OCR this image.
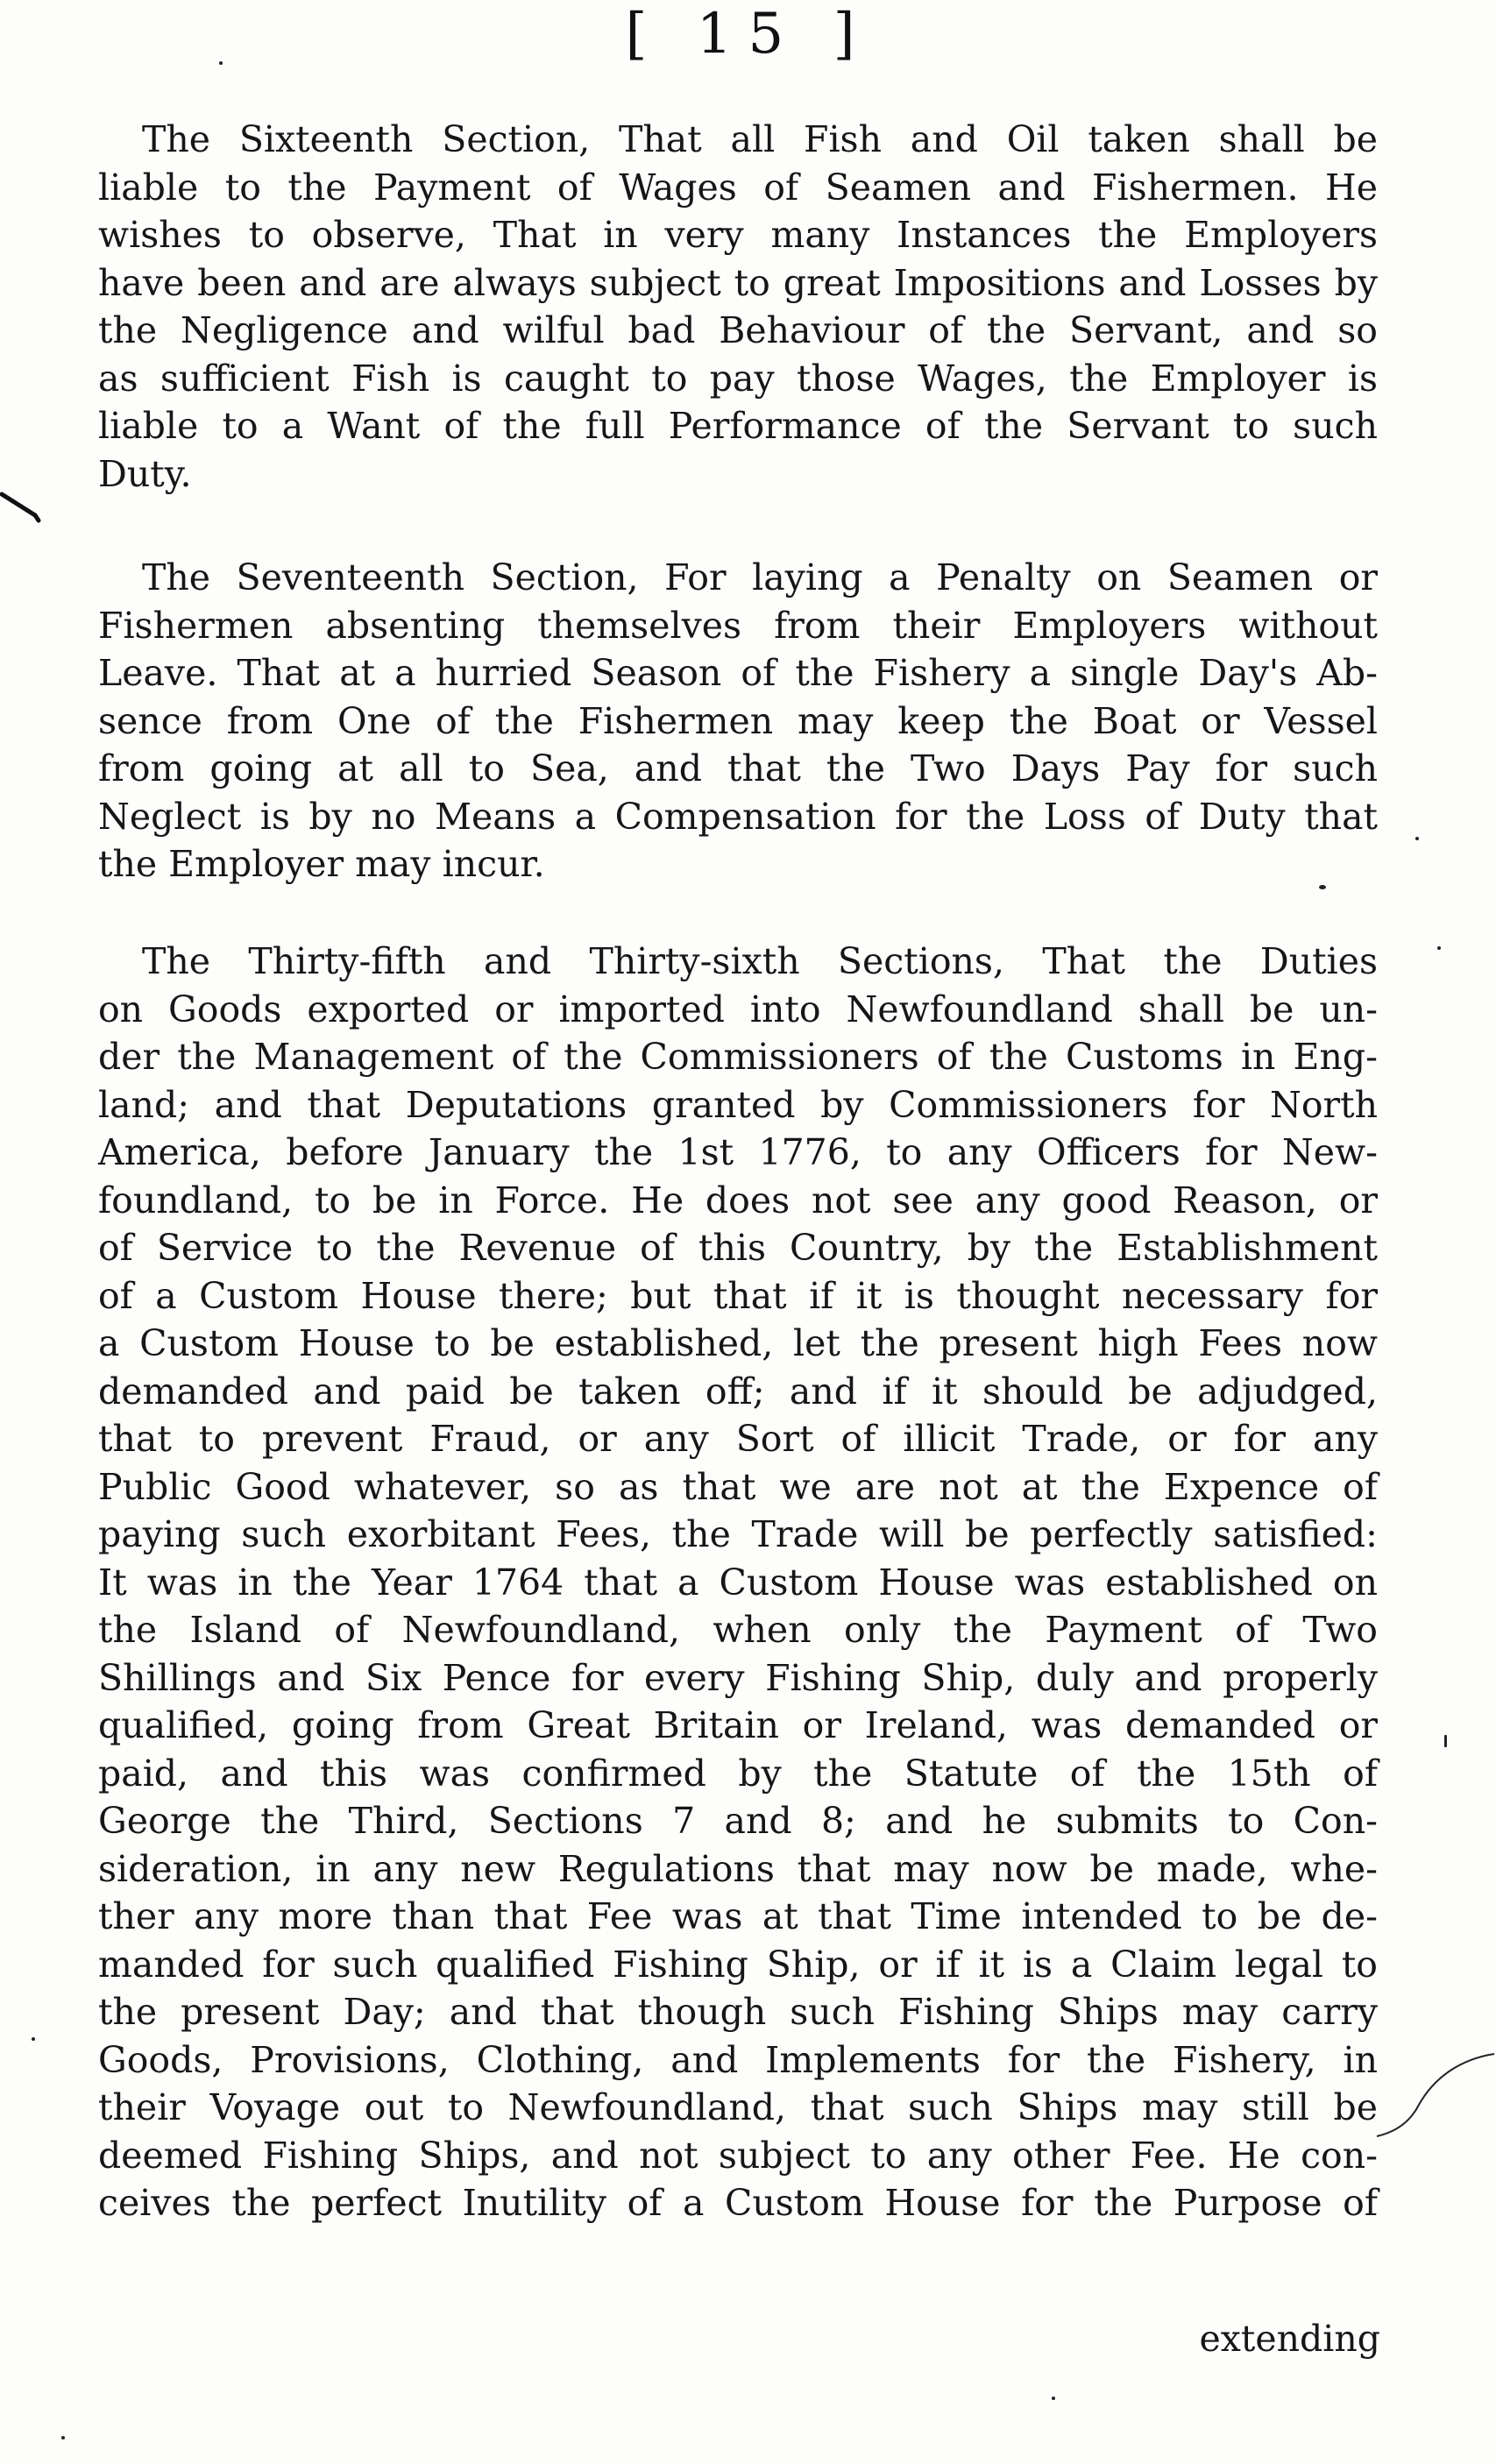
[ 15 ]
The Sixteenth Section, That all Fish and Oil taken shall be
liable to the Payment of Wages of Seamen and Fishermen. He
wishes to observe, That in very many Instances the Employers
have been and are always subject to great Impositions and Losses by
the Negligence and wilful bad Behaviour of the Servant, and so
as sufficient Fish is caught to pay those Wages, the Employer is
liable to a Want of the full Performance of the Servant to such
Duty.
The Seventeenth Section, For laying a Penalty on Seamen or
Fishermen absenting themselves from their Employers without
Leave. That at a hurried Season of the Fishery a single Day's Ab-
sence from One of the Fishermen may keep the Boat or Vessel
from going at all to Sea, and that the Two Days Pay for such
Neglect is by no Means a Compensation for the Loss of Duty that
the Employer may incur.
The Thirty-fifth and Thirty-sixth Sections, That the Duties
on Goods exported or imported into Newfoundland shall be un-
der the Management of the Commissioners of the Customs in Eng-
land; and that Deputations granted by Commissioners for North
America, before January the 1st 1776, to any Officers for New-
foundland, to be in Force. He does not see any good Reason, or
of Service to the Revenue of this Country, by the Establishment
of a Custom House there; but that if it is thought necessary for
a Custom House to be established, let the present high Fees now
demanded and paid be taken off; and if it should be adjudged,
that to prevent Fraud, or any Sort of illicit Trade, or for any
Public Good whatever, so as that we are not at the Expence of
paying such exorbitant Fees, the Trade will be perfectly satisfied:
It was in the Year 1764 that a Custom House was established on
the Island of Newfoundland, when only the Payment of Two
Shillings and Six Pence for every Fishing Ship, duly and properly
qualified, going from Great Britain or Ireland, was demanded or
paid, and this was confirmed by the Statute of the 15th of
George the Third, Sections 7 and 8; and he submits to Con-
sideration, in any new Regulations that may now be made, whe-
ther any more than that Fee was at that Time intended to be de-
manded for such qualified Fishing Ship, or if it is a Claim legal to
the present Day; and that though such Fishing Ships may carry
Goods, Provisions, Clothing, and Implements for the Fishery, in
their Voyage out to Newfoundland, that such Ships may still be
deemed Fishing Ships, and not subject to any other Fee. He con-
ceives the perfect Inutility of a Custom House for the Purpose of
extending
